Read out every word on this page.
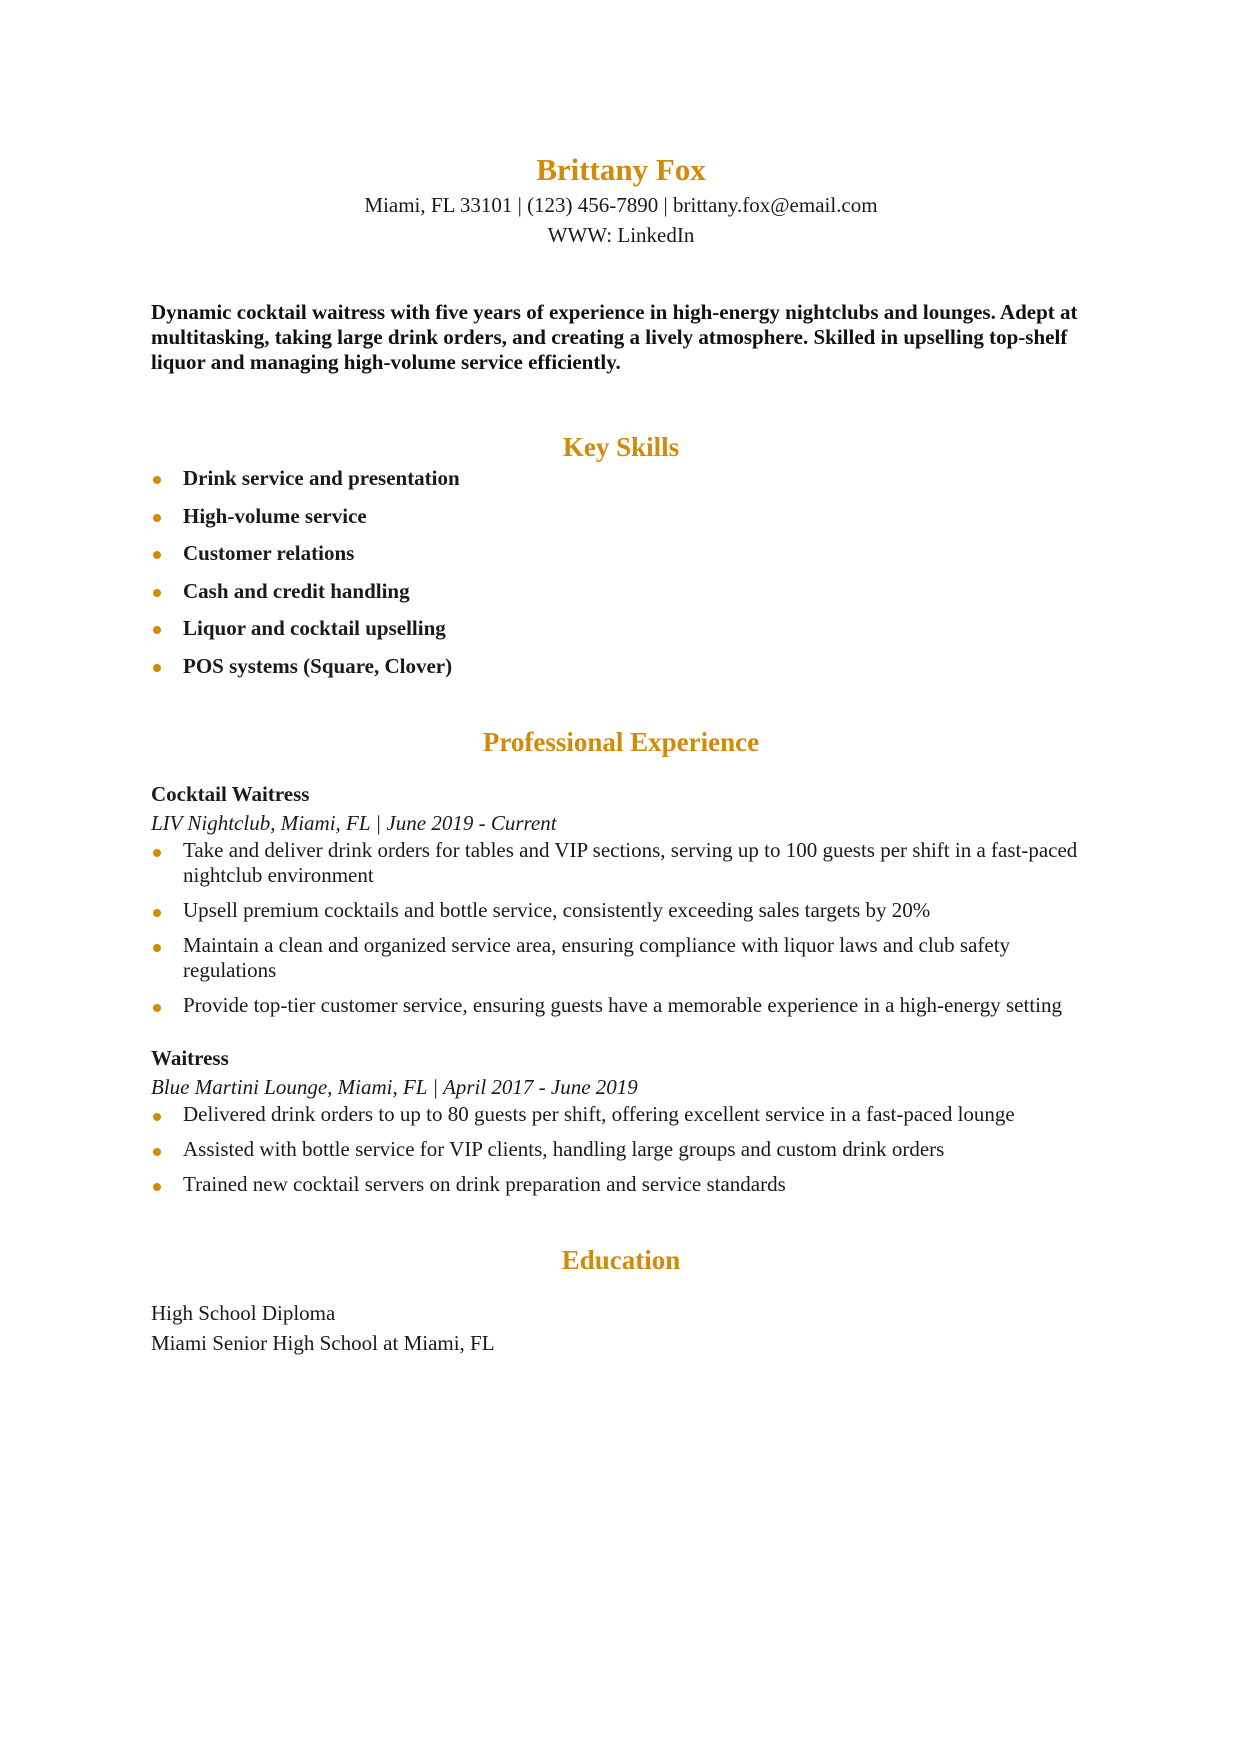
Brittany Fox

Miami, FL 33101 | (123) 456-7890 | brittany.fox@email.com

WWW: LinkedIn

Dynamic cocktail waitress with five years of experience in high-energy nightclubs and lounges. Adept at multitasking, taking large drink orders, and creating a lively atmosphere. Skilled in upselling top-shelf liquor and managing high-volume service efficiently.
Key Skills
Drink service and presentation
High-volume service
Customer relations
Cash and credit handling
Liquor and cocktail upselling
POS systems (Square, Clover)
Professional Experience

Cocktail Waitress

LIV Nightclub, Miami, FL | June 2019 - Current

Take and deliver drink orders for tables and VIP sections, serving up to 100 guests per shift in a fast-paced nightclub environment
Upsell premium cocktails and bottle service, consistently exceeding sales targets by 20%
Maintain a clean and organized service area, ensuring compliance with liquor laws and club safety regulations
Provide top-tier customer service, ensuring guests have a memorable experience in a high-energy setting

Waitress

Blue Martini Lounge, Miami, FL | April 2017 - June 2019

Delivered drink orders to up to 80 guests per shift, offering excellent service in a fast-paced lounge
Assisted with bottle service for VIP clients, handling large groups and custom drink orders
Trained new cocktail servers on drink preparation and service standards
Education
High School Diploma
Miami Senior High School at Miami, FL
